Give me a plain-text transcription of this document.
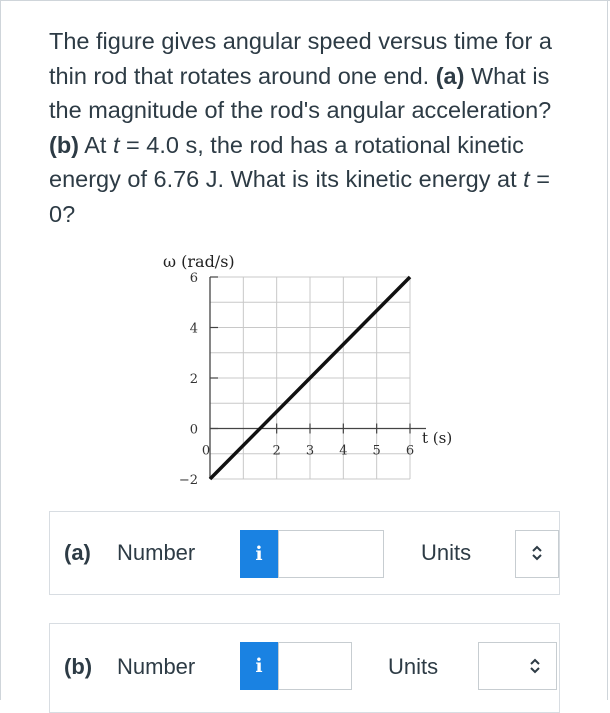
The figure gives angular speed versus time for a thin rod that rotates around one end. (a) What is the magnitude of the rod's angular acceleration? (b) At t = 4.0 s, the rod has a rotational kinetic energy of 6.76 J. What is its kinetic energy at t = 0?
ω (rad/s)
t (s)
6
4
2
0
−2
0	2 3 4 5 6
(a) Number	i	Units
(b) Number	i	Units
